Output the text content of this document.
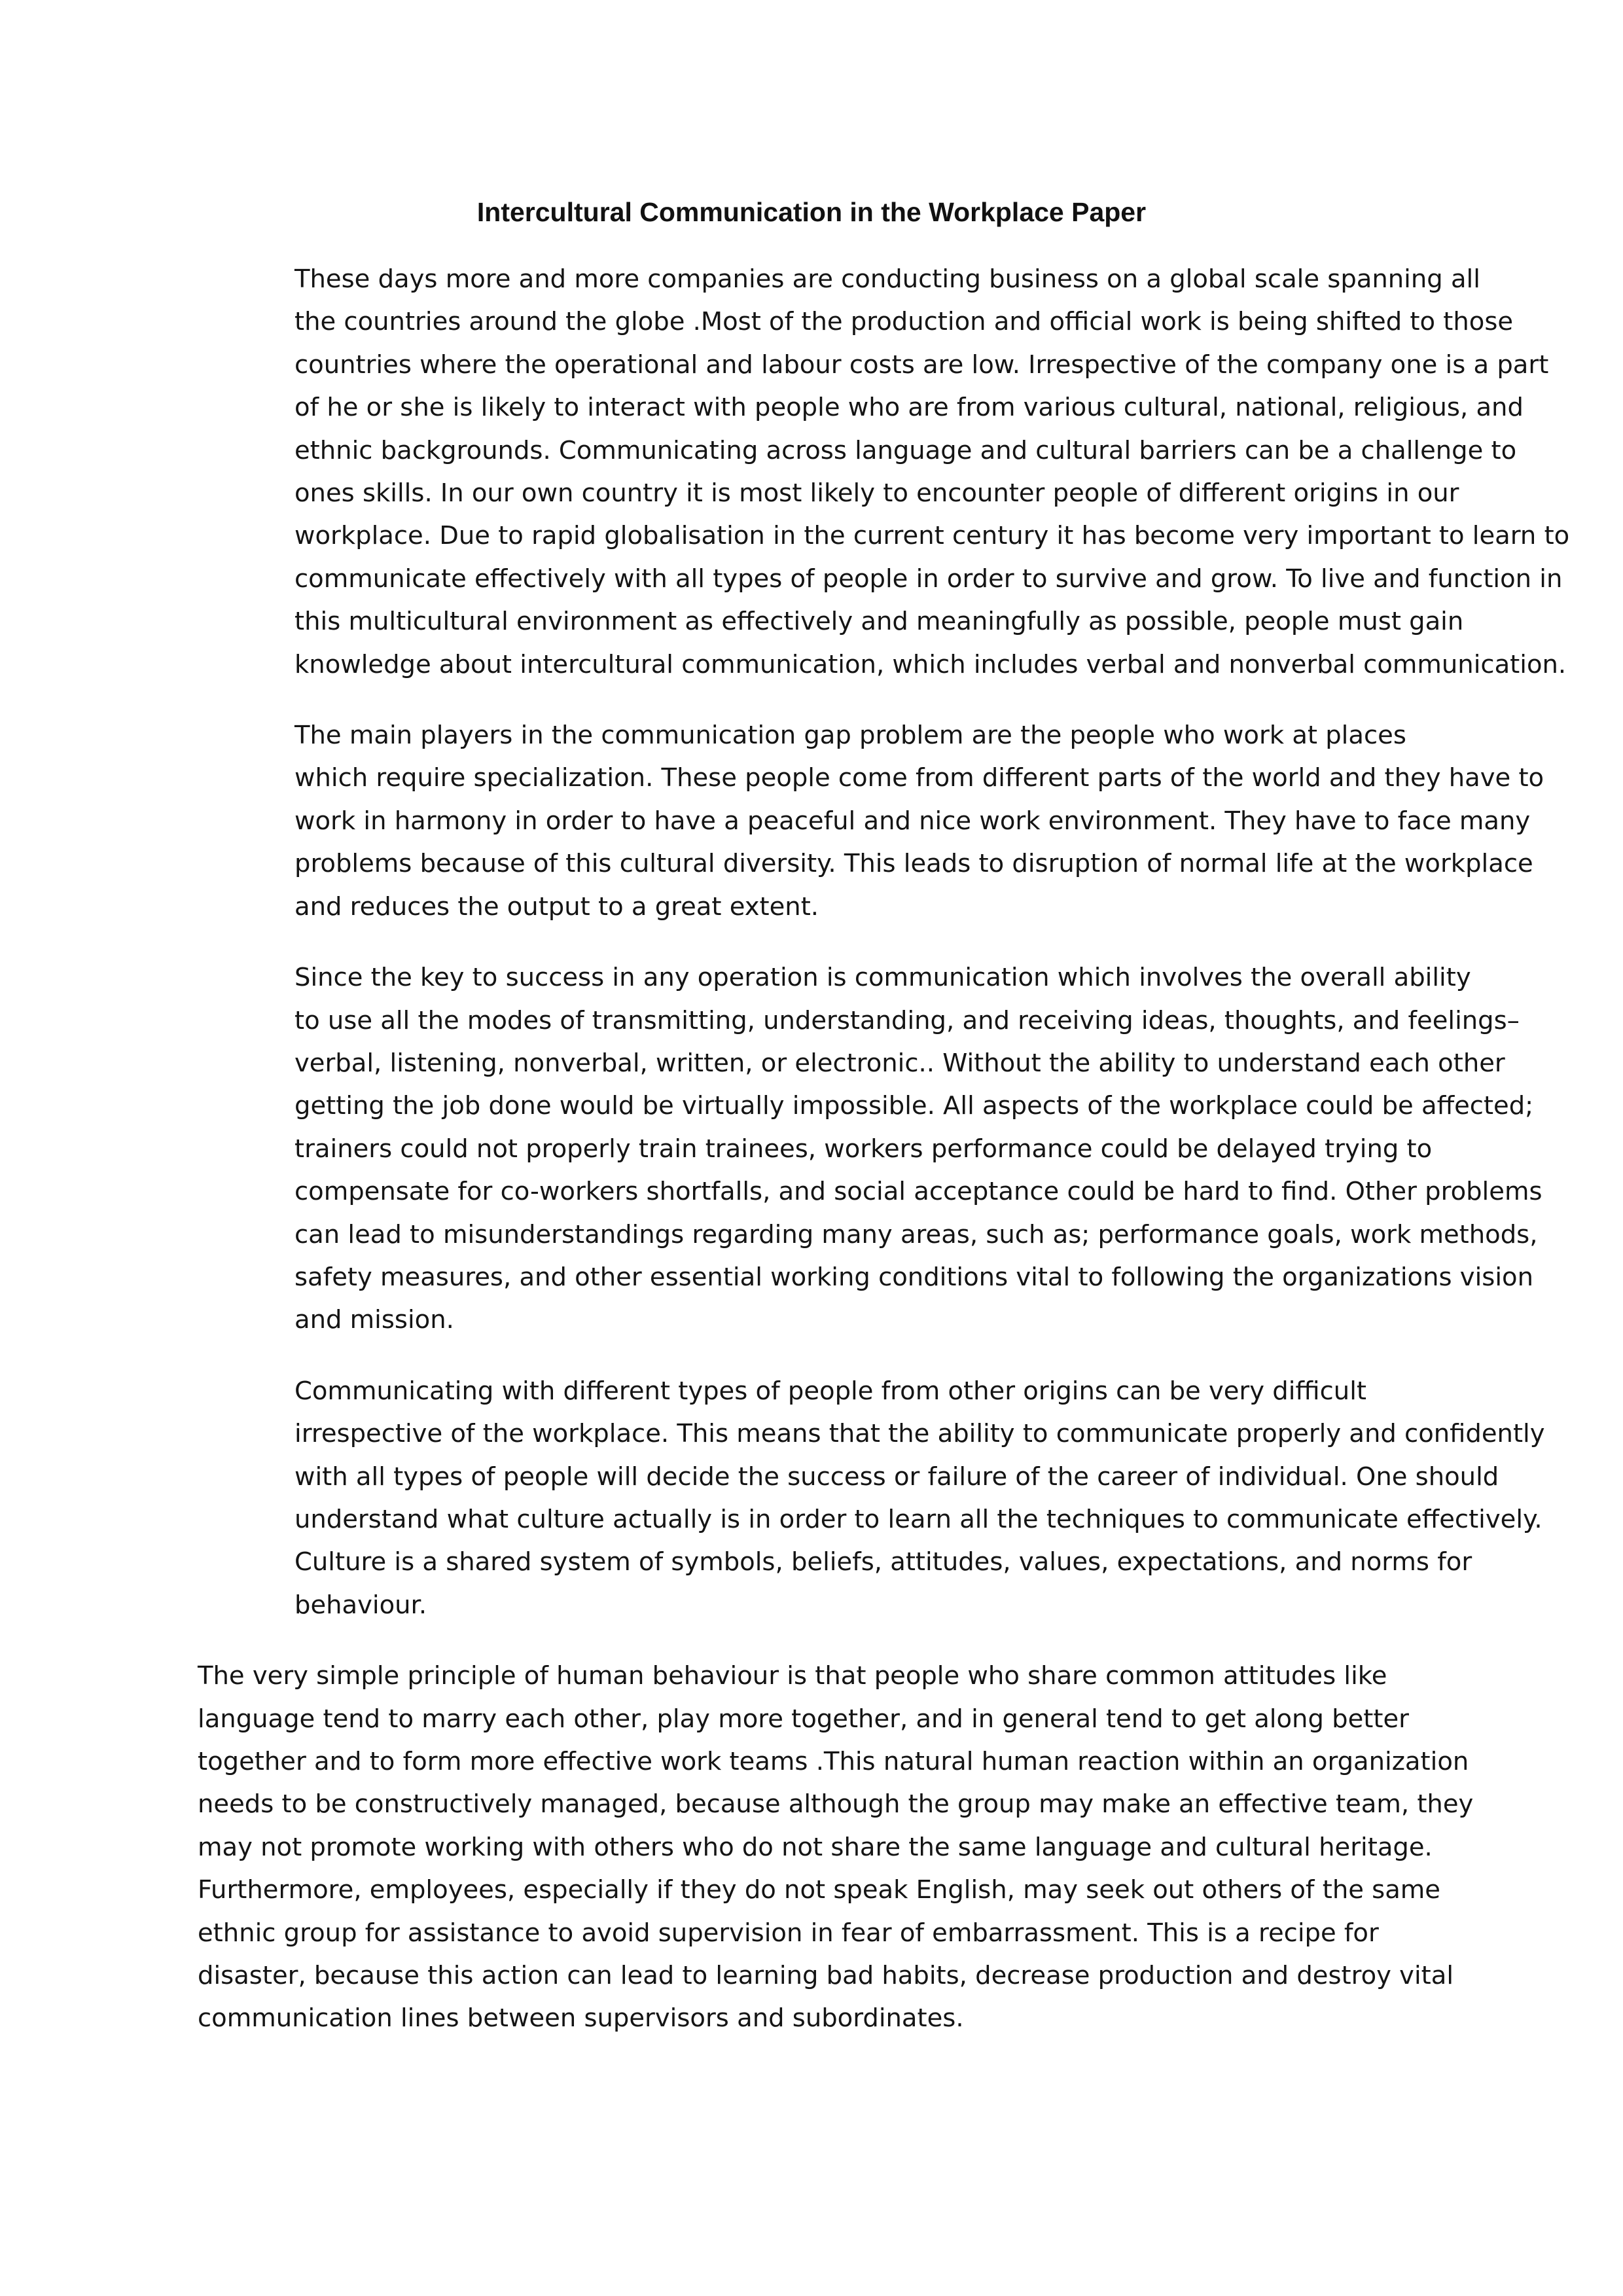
Intercultural Communication in the Workplace Paper

These days more and more companies are conducting business on a global scale spanning all
the countries around the globe .Most of the production and official work is being shifted to those
countries where the operational and labour costs are low. Irrespective of the company one is a part
of he or she is likely to interact with people who are from various cultural, national, religious, and
ethnic backgrounds. Communicating across language and cultural barriers can be a challenge to
ones skills. In our own country it is most likely to encounter people of different origins in our
workplace. Due to rapid globalisation in the current century it has become very important to learn to
communicate effectively with all types of people in order to survive and grow. To live and function in
this multicultural environment as effectively and meaningfully as possible, people must gain
knowledge about intercultural communication, which includes verbal and nonverbal communication.

The main players in the communication gap problem are the people who work at places
which require specialization. These people come from different parts of the world and they have to
work in harmony in order to have a peaceful and nice work environment. They have to face many
problems because of this cultural diversity. This leads to disruption of normal life at the workplace
and reduces the output to a great extent.

Since the key to success in any operation is communication which involves the overall ability
to use all the modes of transmitting, understanding, and receiving ideas, thoughts, and feelings–
verbal, listening, nonverbal, written, or electronic.. Without the ability to understand each other
getting the job done would be virtually impossible. All aspects of the workplace could be affected;
trainers could not properly train trainees, workers performance could be delayed trying to
compensate for co-workers shortfalls, and social acceptance could be hard to find. Other problems
can lead to misunderstandings regarding many areas, such as; performance goals, work methods,
safety measures, and other essential working conditions vital to following the organizations vision
and mission.

Communicating with different types of people from other origins can be very difficult
irrespective of the workplace. This means that the ability to communicate properly and confidently
with all types of people will decide the success or failure of the career of individual. One should
understand what culture actually is in order to learn all the techniques to communicate effectively.
Culture is a shared system of symbols, beliefs, attitudes, values, expectations, and norms for
behaviour.

The very simple principle of human behaviour is that people who share common attitudes like
language tend to marry each other, play more together, and in general tend to get along better
together and to form more effective work teams .This natural human reaction within an organization
needs to be constructively managed, because although the group may make an effective team, they
may not promote working with others who do not share the same language and cultural heritage.
Furthermore, employees, especially if they do not speak English, may seek out others of the same
ethnic group for assistance to avoid supervision in fear of embarrassment. This is a recipe for
disaster, because this action can lead to learning bad habits, decrease production and destroy vital
communication lines between supervisors and subordinates.
